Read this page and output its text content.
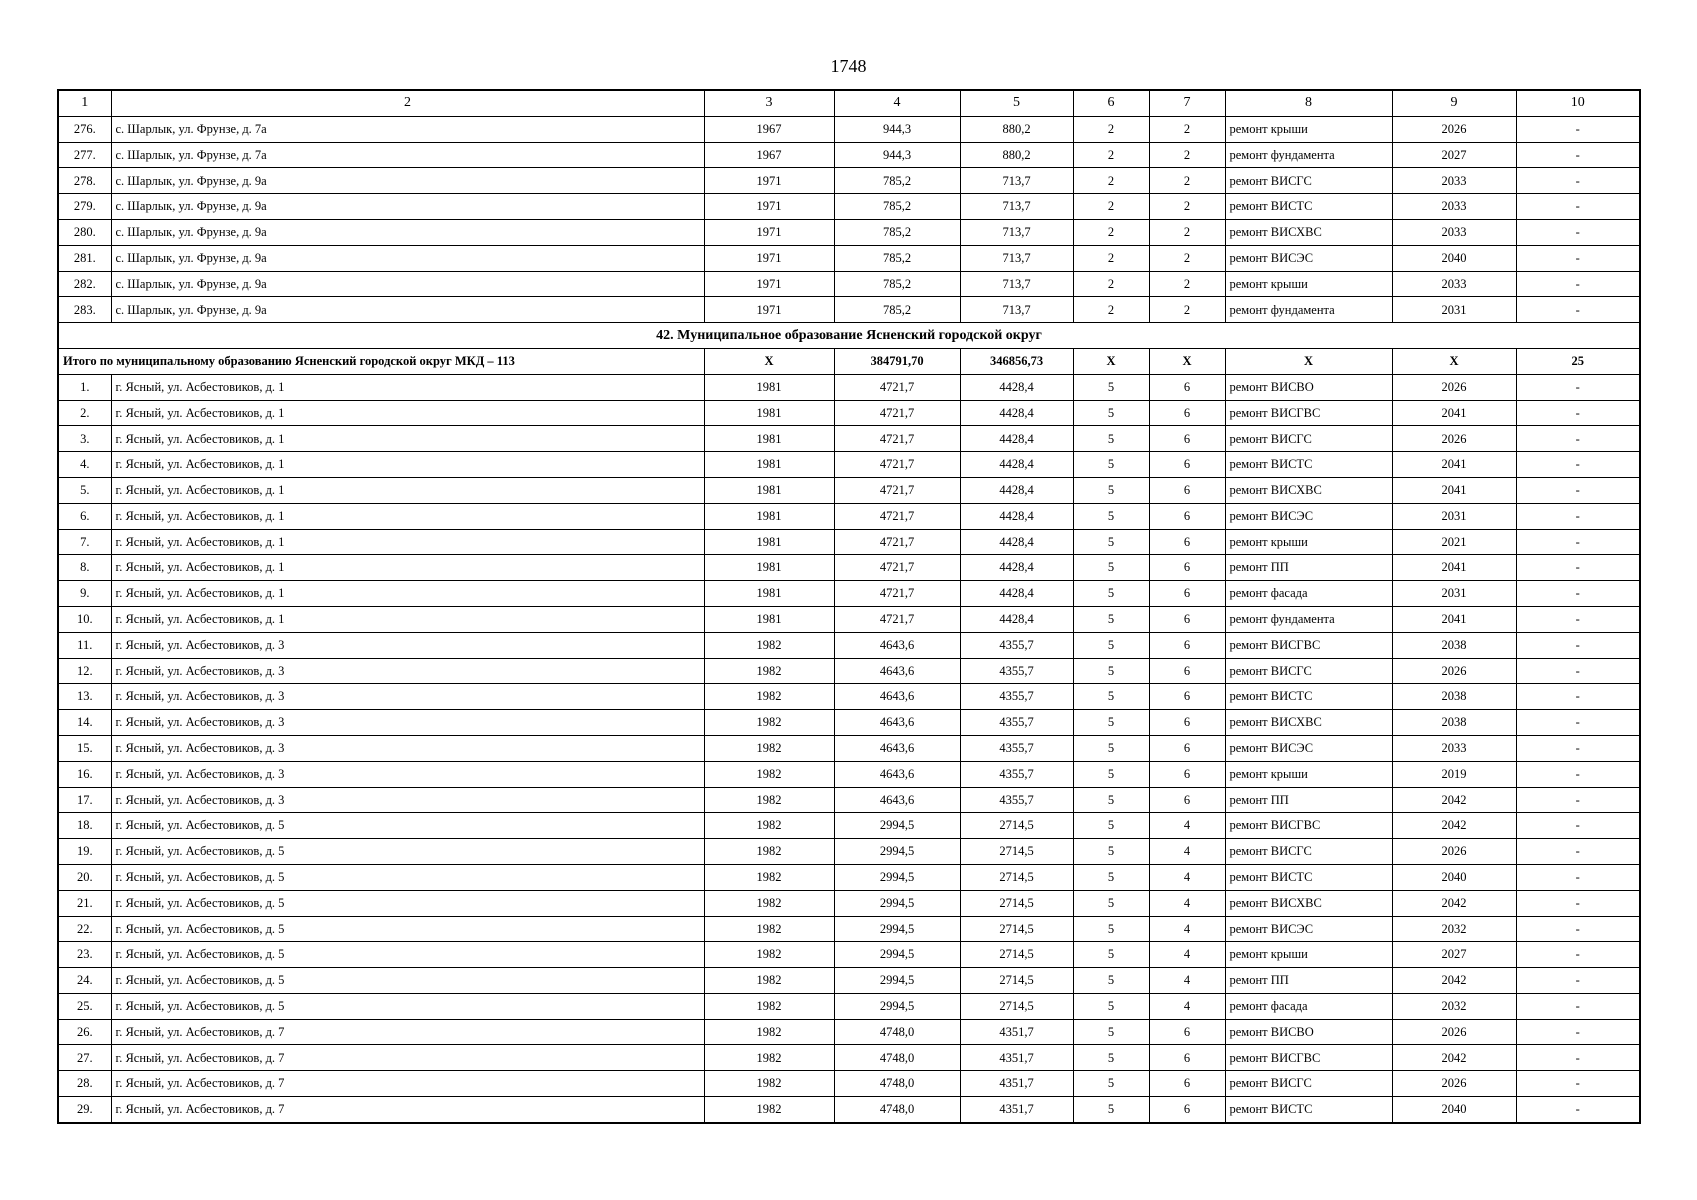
1748
1	2	3	4	5	6	7	8	9	10
276.	с. Шарлык, ул. Фрунзе, д. 7а	1967	944,3	880,2	2	2	ремонт крыши	2026	-
277.	с. Шарлык, ул. Фрунзе, д. 7а	1967	944,3	880,2	2	2	ремонт фундамента	2027	-
278.	с. Шарлык, ул. Фрунзе, д. 9а	1971	785,2	713,7	2	2	ремонт ВИСГС	2033	-
279.	с. Шарлык, ул. Фрунзе, д. 9а	1971	785,2	713,7	2	2	ремонт ВИСТС	2033	-
280.	с. Шарлык, ул. Фрунзе, д. 9а	1971	785,2	713,7	2	2	ремонт ВИСХВС	2033	-
281.	с. Шарлык, ул. Фрунзе, д. 9а	1971	785,2	713,7	2	2	ремонт ВИСЭС	2040	-
282.	с. Шарлык, ул. Фрунзе, д. 9а	1971	785,2	713,7	2	2	ремонт крыши	2033	-
283.	с. Шарлык, ул. Фрунзе, д. 9а	1971	785,2	713,7	2	2	ремонт фундамента	2031	-
42. Муниципальное образование Ясненский городской округ									
Итого по муниципальному образованию Ясненский городской округ МКД – 113		Х	384791,70	346856,73	Х	Х	Х	Х	25
1.	г. Ясный, ул. Асбестовиков, д. 1	1981	4721,7	4428,4	5	6	ремонт ВИСВО	2026	-
2.	г. Ясный, ул. Асбестовиков, д. 1	1981	4721,7	4428,4	5	6	ремонт ВИСГВС	2041	-
3.	г. Ясный, ул. Асбестовиков, д. 1	1981	4721,7	4428,4	5	6	ремонт ВИСГС	2026	-
4.	г. Ясный, ул. Асбестовиков, д. 1	1981	4721,7	4428,4	5	6	ремонт ВИСТС	2041	-
5.	г. Ясный, ул. Асбестовиков, д. 1	1981	4721,7	4428,4	5	6	ремонт ВИСХВС	2041	-
6.	г. Ясный, ул. Асбестовиков, д. 1	1981	4721,7	4428,4	5	6	ремонт ВИСЭС	2031	-
7.	г. Ясный, ул. Асбестовиков, д. 1	1981	4721,7	4428,4	5	6	ремонт крыши	2021	-
8.	г. Ясный, ул. Асбестовиков, д. 1	1981	4721,7	4428,4	5	6	ремонт ПП	2041	-
9.	г. Ясный, ул. Асбестовиков, д. 1	1981	4721,7	4428,4	5	6	ремонт фасада	2031	-
10.	г. Ясный, ул. Асбестовиков, д. 1	1981	4721,7	4428,4	5	6	ремонт фундамента	2041	-
11.	г. Ясный, ул. Асбестовиков, д. 3	1982	4643,6	4355,7	5	6	ремонт ВИСГВС	2038	-
12.	г. Ясный, ул. Асбестовиков, д. 3	1982	4643,6	4355,7	5	6	ремонт ВИСГС	2026	-
13.	г. Ясный, ул. Асбестовиков, д. 3	1982	4643,6	4355,7	5	6	ремонт ВИСТС	2038	-
14.	г. Ясный, ул. Асбестовиков, д. 3	1982	4643,6	4355,7	5	6	ремонт ВИСХВС	2038	-
15.	г. Ясный, ул. Асбестовиков, д. 3	1982	4643,6	4355,7	5	6	ремонт ВИСЭС	2033	-
16.	г. Ясный, ул. Асбестовиков, д. 3	1982	4643,6	4355,7	5	6	ремонт крыши	2019	-
17.	г. Ясный, ул. Асбестовиков, д. 3	1982	4643,6	4355,7	5	6	ремонт ПП	2042	-
18.	г. Ясный, ул. Асбестовиков, д. 5	1982	2994,5	2714,5	5	4	ремонт ВИСГВС	2042	-
19.	г. Ясный, ул. Асбестовиков, д. 5	1982	2994,5	2714,5	5	4	ремонт ВИСГС	2026	-
20.	г. Ясный, ул. Асбестовиков, д. 5	1982	2994,5	2714,5	5	4	ремонт ВИСТС	2040	-
21.	г. Ясный, ул. Асбестовиков, д. 5	1982	2994,5	2714,5	5	4	ремонт ВИСХВС	2042	-
22.	г. Ясный, ул. Асбестовиков, д. 5	1982	2994,5	2714,5	5	4	ремонт ВИСЭС	2032	-
23.	г. Ясный, ул. Асбестовиков, д. 5	1982	2994,5	2714,5	5	4	ремонт крыши	2027	-
24.	г. Ясный, ул. Асбестовиков, д. 5	1982	2994,5	2714,5	5	4	ремонт ПП	2042	-
25.	г. Ясный, ул. Асбестовиков, д. 5	1982	2994,5	2714,5	5	4	ремонт фасада	2032	-
26.	г. Ясный, ул. Асбестовиков, д. 7	1982	4748,0	4351,7	5	6	ремонт ВИСВО	2026	-
27.	г. Ясный, ул. Асбестовиков, д. 7	1982	4748,0	4351,7	5	6	ремонт ВИСГВС	2042	-
28.	г. Ясный, ул. Асбестовиков, д. 7	1982	4748,0	4351,7	5	6	ремонт ВИСГС	2026	-
29.	г. Ясный, ул. Асбестовиков, д. 7	1982	4748,0	4351,7	5	6	ремонт ВИСТС	2040	-
